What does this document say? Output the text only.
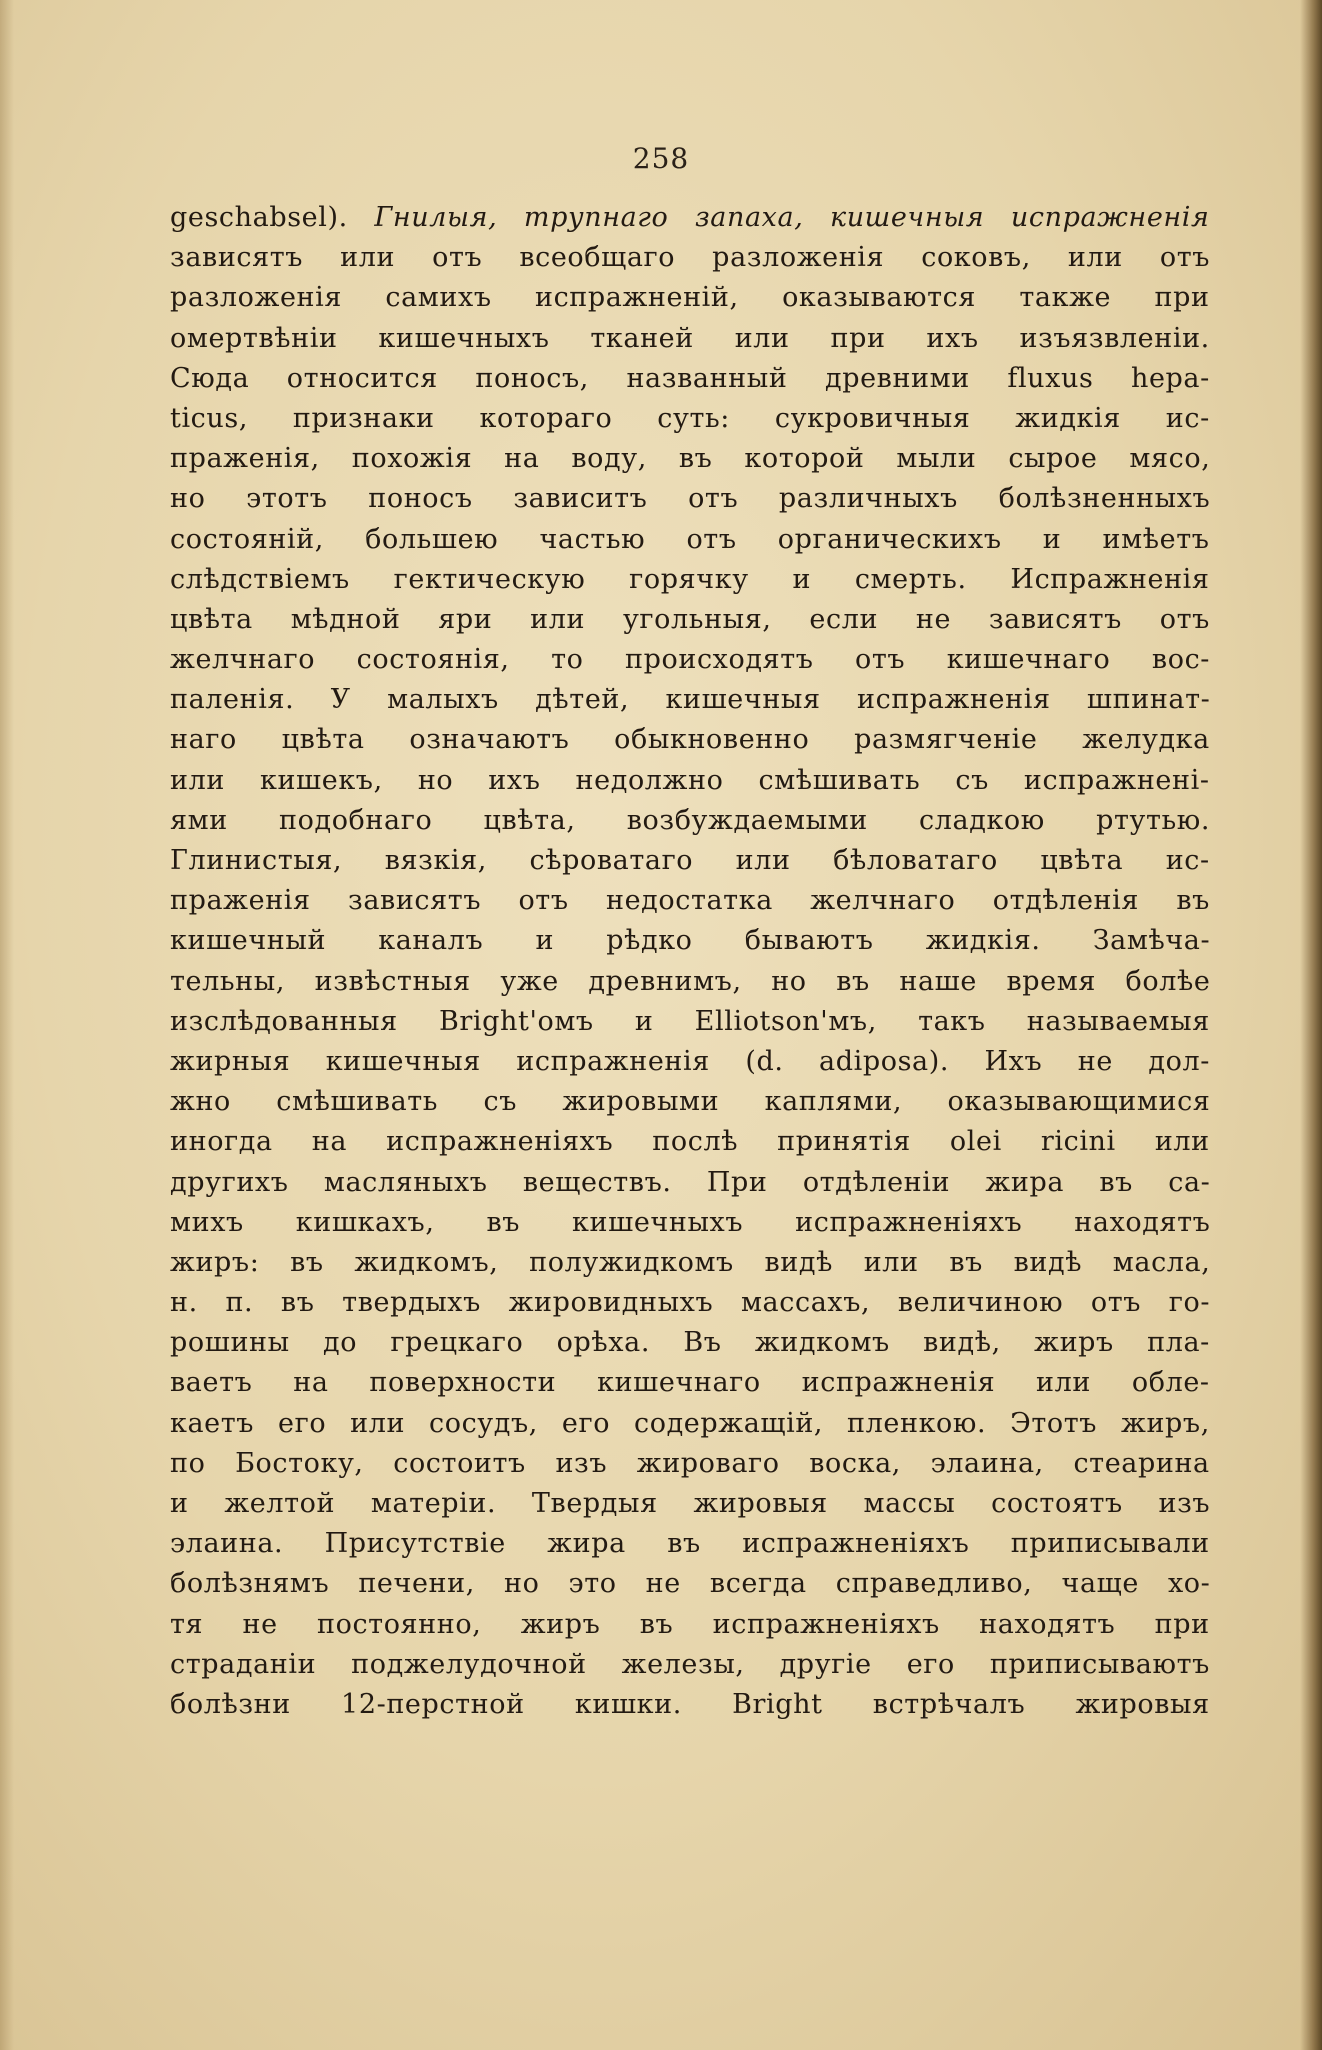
258
geschabsel). Гнилыя, трупнаго запаха, кишечныя испражненія
зависятъ или отъ всеобщаго разложенія соковъ, или отъ
разложенія самихъ испражненій, оказываются также при
омертвѣніи кишечныхъ тканей или при ихъ изъязвленіи.
Сюда относится поносъ, названный древними fluxus hepa-
ticus, признаки котораго суть: сукровичныя жидкія ис-
праженія, похожія на воду, въ которой мыли сырое мясо,
но этотъ поносъ зависитъ отъ различныхъ болѣзненныхъ
состояній, большею частью отъ органическихъ и имѣетъ
слѣдствіемъ гектическую горячку и смерть. Испражненія
цвѣта мѣдной яри или угольныя, если не зависятъ отъ
желчнаго состоянія, то происходятъ отъ кишечнаго вос-
паленія. У малыхъ дѣтей, кишечныя испражненія шпинат-
наго цвѣта означаютъ обыкновенно размягченіе желудка
или кишекъ, но ихъ недолжно смѣшивать съ испражнені-
ями подобнаго цвѣта, возбуждаемыми сладкою ртутью.
Глинистыя, вязкія, сѣроватаго или бѣловатаго цвѣта ис-
праженія зависятъ отъ недостатка желчнаго отдѣленія въ
кишечный каналъ и рѣдко бываютъ жидкія. Замѣча-
тельны, извѣстныя уже древнимъ, но въ наше время болѣе
изслѣдованныя Bright'омъ и Elliotson'мъ, такъ называемыя
жирныя кишечныя испражненія (d. adiposa). Ихъ не дол-
жно смѣшивать съ жировыми каплями, оказывающимися
иногда на испражненіяхъ послѣ принятія olei ricini или
другихъ масляныхъ веществъ. При отдѣленіи жира въ са-
михъ кишкахъ, въ кишечныхъ испражненіяхъ находятъ
жиръ: въ жидкомъ, полужидкомъ видѣ или въ видѣ масла,
н. п. въ твердыхъ жировидныхъ массахъ, величиною отъ го-
рошины до грецкаго орѣха. Въ жидкомъ видѣ, жиръ пла-
ваетъ на поверхности кишечнаго испражненія или обле-
каетъ его или сосудъ, его содержащій, пленкою. Этотъ жиръ,
по Бостоку, состоитъ изъ жироваго воска, элаина, стеарина
и желтой матеріи. Твердыя жировыя массы состоятъ изъ
элаина. Присутствіе жира въ испражненіяхъ приписывали
болѣзнямъ печени, но это не всегда справедливо, чаще хо-
тя не постоянно, жиръ въ испражненіяхъ находятъ при
страданіи поджелудочной железы, другіе его приписываютъ
болѣзни 12-перстной кишки. Bright встрѣчалъ жировыя
